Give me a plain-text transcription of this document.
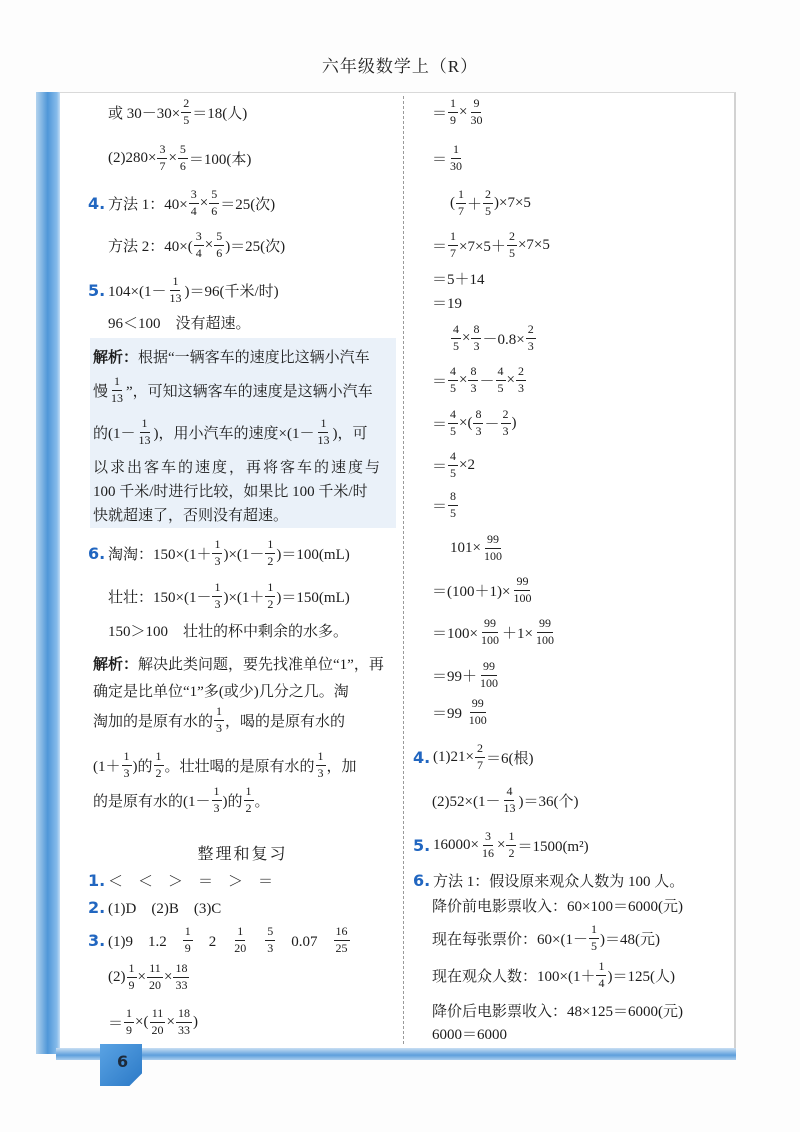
六年级数学上（R）
6
或 $30-30\times \frac{2}{5} =18$(人)
$(2)280\times \frac{3}{7} \times \frac{5}{6} =100$(本)
4. 方法 1：$40\times \frac{3}{4} \times \frac{5}{6} =25$(次)
方法 2：$40\times( \frac{3}{4} \times \frac{5}{6} )=25$(次)
5. $104\times(1- \frac{1}{13} )=96$(千米/时)
96＜100　没有超速。
解析： 根据“一辆客车的速度比这辆小汽车
慢 $\frac{1}{13}$ ”，可知这辆客车的速度是这辆小汽车
的($1- \frac{1}{13}$ )，用小汽车的速度$\times(1- \frac{1}{13}$ )，可
以求出客车的速度，再将客车的速度与
100 千米/时进行比较，如果比 100 千米/时
快就超速了，否则没有超速。
6. 淘淘：$150\times(1+ \frac{1}{3} )\times(1- \frac{1}{2} )=100(mL)$
壮壮：$150\times(1- \frac{1}{3} )\times(1+ \frac{1}{2} )=150(mL)$
150＞100　壮壮的杯中剩余的水多。
解析： 解决此类问题，要先找准单位“1”，再
确定是比单位“1”多(或少)几分之几。淘
淘加的是原有水的 $\frac{1}{3}$ ，喝的是原有水的
($1+ \frac{1}{3}$ )的 $\frac{1}{2}$ 。壮壮喝的是原有水的 $\frac{1}{3}$ ，加
的是原有水的($1- \frac{1}{3}$ )的 $\frac{1}{2}$ 。
整理和复习
1. ＜　＜　＞　＝　＞　＝
2. (1)D　(2)B　(3)C
3. (1)9　1.2　 $\frac{1}{9}$ 　2　 $\frac{1}{20}$
　 $\frac{5}{3}$ 　0.07　 $\frac{16}{25}$
$(2) \frac{1}{9} \times \frac{11}{20} \times \frac{18}{33}$
＝ $\frac{1}{9}$ ×( $\frac{11}{20} \times \frac{18}{33}$ )
＝ $\frac{1}{9} \times \frac{9}{30}$
＝ $\frac{1}{30}$
( $\frac{1}{7} + \frac{2}{5} )\times 7\times 5$
＝ $\frac{1}{7} \times 7\times 5+ \frac{2}{5} \times 7\times 5$
＝5＋14
＝19
$\frac{4}{5} \times \frac{8}{3} -0.8\times \frac{2}{3}$
＝ $\frac{4}{5} \times \frac{8}{3} - \frac{4}{5} \times \frac{2}{3}$
＝ $\frac{4}{5}$ ×( $\frac{8}{3} - \frac{2}{3}$ )
＝ $\frac{4}{5} \times 2$
＝ $\frac{8}{5}$
$101\times \frac{99}{100}$
$=(100+1)\times \frac{99}{100}$
$=100\times \frac{99}{100} +1\times \frac{99}{100}$
$=99+ \frac{99}{100}$
$=99 \frac{99}{100}$
4. $(1)21\times \frac{2}{7} =6$(根)
$(2)52\times(1- \frac{4}{13} )=36$(个)
5. $16000\times \frac{3}{16} \times \frac{1}{2} =1500(m^2)$
6. 方法 1：假设原来观众人数为 100 人。
降价前电影票收入：60×100＝6000(元)
现在每张票价：$60\times(1- \frac{1}{5} )=48$(元)
现在观众人数：$100\times(1+ \frac{1}{4} )=125$(人)
降价后电影票收入：48×125＝6000(元)
6000＝6000
